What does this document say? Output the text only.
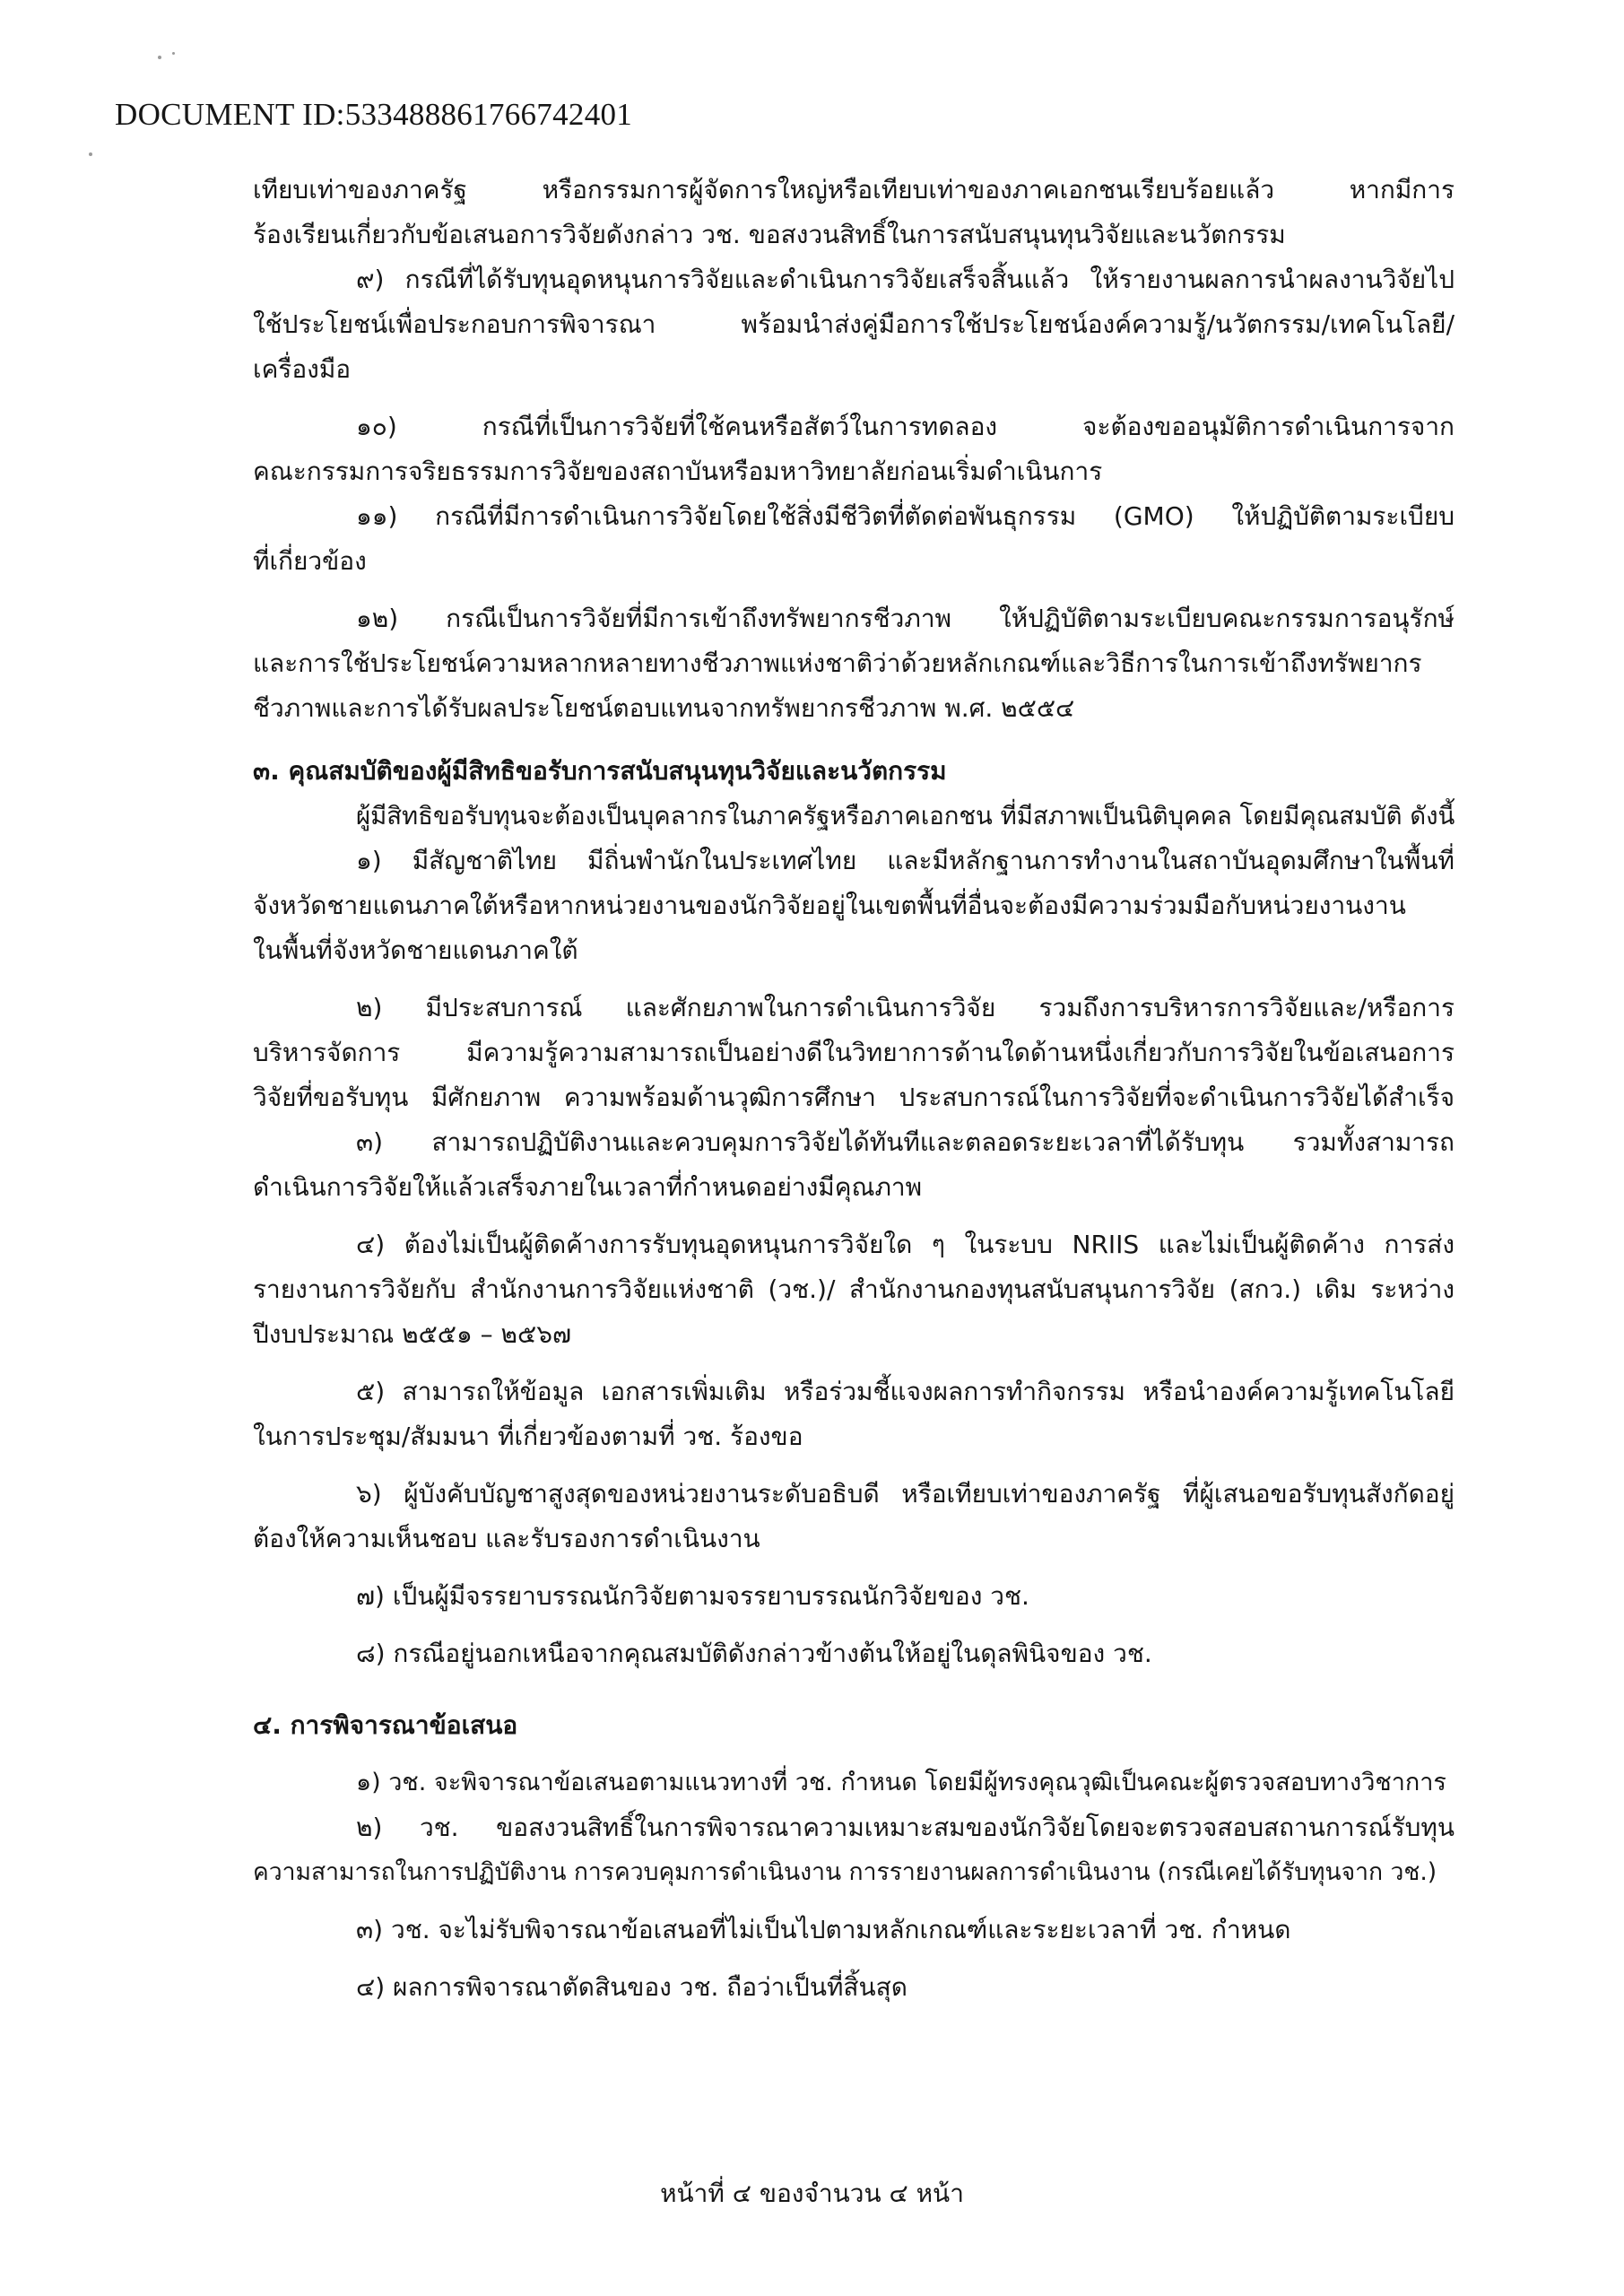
DOCUMENT ID:533488861766742401
เทียบเท่าของภาครัฐ หรือกรรมการผู้จัดการใหญ่หรือเทียบเท่าของภาคเอกชนเรียบร้อยแล้ว หากมีการ
ร้องเรียนเกี่ยวกับข้อเสนอการวิจัยดังกล่าว วช. ขอสงวนสิทธิ์ในการสนับสนุนทุนวิจัยและนวัตกรรม
๙) กรณีที่ได้รับทุนอุดหนุนการวิจัยและดำเนินการวิจัยเสร็จสิ้นแล้ว ให้รายงานผลการนำผลงานวิจัยไป
ใช้ประโยชน์เพื่อประกอบการพิจารณา พร้อมนำส่งคู่มือการใช้ประโยชน์องค์ความรู้/นวัตกรรม/เทคโนโลยี/
เครื่องมือ
๑๐) กรณีที่เป็นการวิจัยที่ใช้คนหรือสัตว์ในการทดลอง จะต้องขออนุมัติการดำเนินการจาก
คณะกรรมการจริยธรรมการวิจัยของสถาบันหรือมหาวิทยาลัยก่อนเริ่มดำเนินการ
๑๑) กรณีที่มีการดำเนินการวิจัยโดยใช้สิ่งมีชีวิตที่ตัดต่อพันธุกรรม (GMO) ให้ปฏิบัติตามระเบียบ
ที่เกี่ยวข้อง
๑๒) กรณีเป็นการวิจัยที่มีการเข้าถึงทรัพยากรชีวภาพ ให้ปฏิบัติตามระเบียบคณะกรรมการอนุรักษ์
และการใช้ประโยชน์ความหลากหลายทางชีวภาพแห่งชาติว่าด้วยหลักเกณฑ์และวิธีการในการเข้าถึงทรัพยากร
ชีวภาพและการได้รับผลประโยชน์ตอบแทนจากทรัพยากรชีวภาพ พ.ศ. ๒๕๕๔
๓. คุณสมบัติของผู้มีสิทธิขอรับการสนับสนุนทุนวิจัยและนวัตกรรม
ผู้มีสิทธิขอรับทุนจะต้องเป็นบุคลากรในภาครัฐหรือภาคเอกชน ที่มีสภาพเป็นนิติบุคคล โดยมีคุณสมบัติ ดังนี้
๑) มีสัญชาติไทย มีถิ่นพำนักในประเทศไทย และมีหลักฐานการทำงานในสถาบันอุดมศึกษาในพื้นที่
จังหวัดชายแดนภาคใต้หรือหากหน่วยงานของนักวิจัยอยู่ในเขตพื้นที่อื่นจะต้องมีความร่วมมือกับหน่วยงานงาน
ในพื้นที่จังหวัดชายแดนภาคใต้
๒) มีประสบการณ์ และศักยภาพในการดำเนินการวิจัย รวมถึงการบริหารการวิจัยและ/หรือการ
บริหารจัดการ มีความรู้ความสามารถเป็นอย่างดีในวิทยาการด้านใดด้านหนึ่งเกี่ยวกับการวิจัยในข้อเสนอการ
วิจัยที่ขอรับทุน มีศักยภาพ ความพร้อมด้านวุฒิการศึกษา ประสบการณ์ในการวิจัยที่จะดำเนินการวิจัยได้สำเร็จ
๓) สามารถปฏิบัติงานและควบคุมการวิจัยได้ทันทีและตลอดระยะเวลาที่ได้รับทุน รวมทั้งสามารถ
ดำเนินการวิจัยให้แล้วเสร็จภายในเวลาที่กำหนดอย่างมีคุณภาพ
๔) ต้องไม่เป็นผู้ติดค้างการรับทุนอุดหนุนการวิจัยใด ๆ ในระบบ NRIIS และไม่เป็นผู้ติดค้าง การส่ง
รายงานการวิจัยกับ สำนักงานการวิจัยแห่งชาติ (วช.)/ สำนักงานกองทุนสนับสนุนการวิจัย (สกว.) เดิม ระหว่าง
ปีงบประมาณ ๒๕๕๑ – ๒๕๖๗
๕) สามารถให้ข้อมูล เอกสารเพิ่มเติม หรือร่วมชี้แจงผลการทำกิจกรรม หรือนำองค์ความรู้เทคโนโลยี
ในการประชุม/สัมมนา ที่เกี่ยวข้องตามที่ วช. ร้องขอ
๖) ผู้บังคับบัญชาสูงสุดของหน่วยงานระดับอธิบดี หรือเทียบเท่าของภาครัฐ ที่ผู้เสนอขอรับทุนสังกัดอยู่
ต้องให้ความเห็นชอบ และรับรองการดำเนินงาน
๗) เป็นผู้มีจรรยาบรรณนักวิจัยตามจรรยาบรรณนักวิจัยของ วช.
๘) กรณีอยู่นอกเหนือจากคุณสมบัติดังกล่าวข้างต้นให้อยู่ในดุลพินิจของ วช.
๔. การพิจารณาข้อเสนอ
๑) วช. จะพิจารณาข้อเสนอตามแนวทางที่ วช. กำหนด โดยมีผู้ทรงคุณวุฒิเป็นคณะผู้ตรวจสอบทางวิชาการ
๒) วช. ขอสงวนสิทธิ์ในการพิจารณาความเหมาะสมของนักวิจัยโดยจะตรวจสอบสถานการณ์รับทุน
ความสามารถในการปฏิบัติงาน การควบคุมการดำเนินงาน การรายงานผลการดำเนินงาน (กรณีเคยได้รับทุนจาก วช.)
๓) วช. จะไม่รับพิจารณาข้อเสนอที่ไม่เป็นไปตามหลักเกณฑ์และระยะเวลาที่ วช. กำหนด
๔) ผลการพิจารณาตัดสินของ วช. ถือว่าเป็นที่สิ้นสุด
หน้าที่ ๔ ของจำนวน ๔ หน้า
